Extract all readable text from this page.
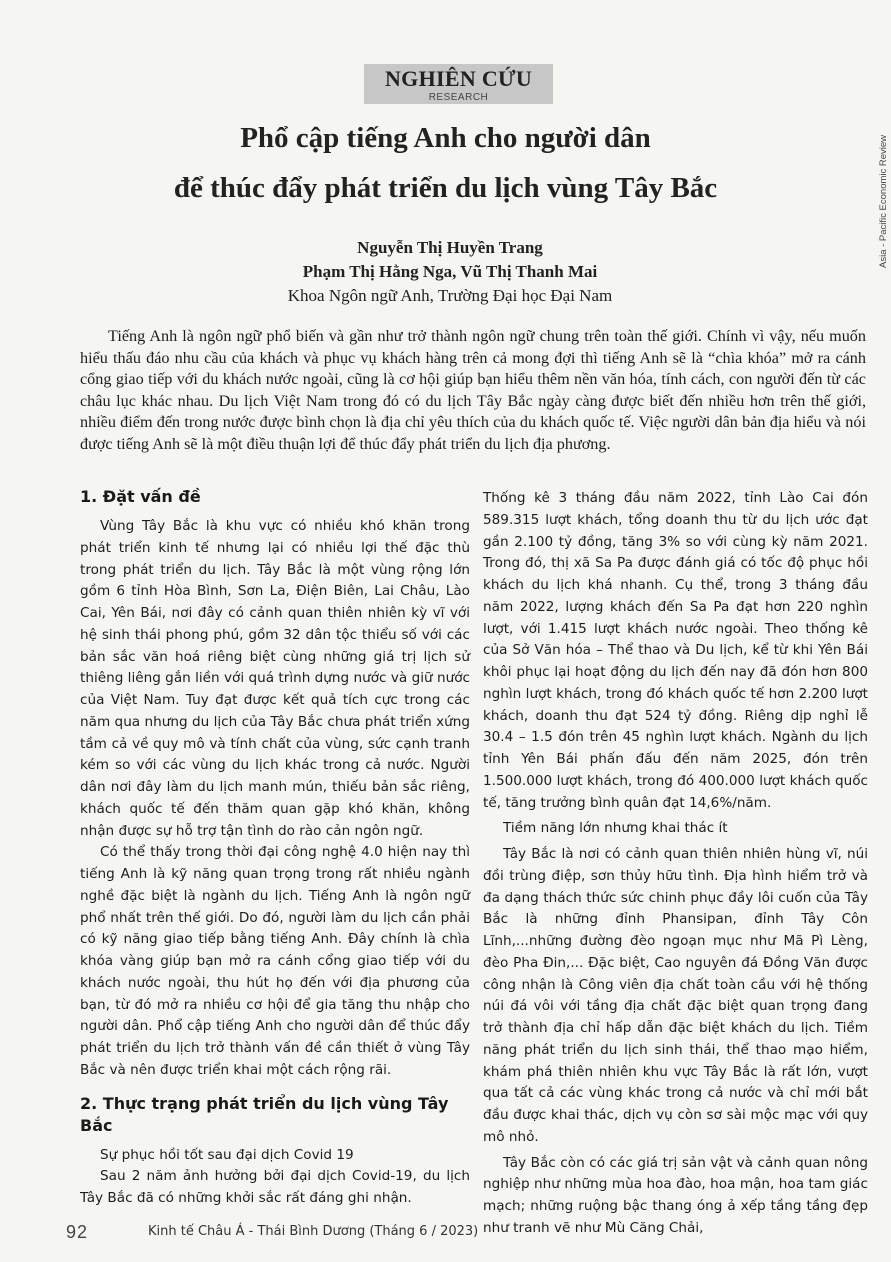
NGHIÊN CỨU
RESEARCH
Asia - Pacific Economic Review
Phổ cập tiếng Anh cho người dân
để thúc đẩy phát triển du lịch vùng Tây Bắc
Nguyễn Thị Huyền Trang
Phạm Thị Hằng Nga, Vũ Thị Thanh Mai
Khoa Ngôn ngữ Anh, Trường Đại học Đại Nam

Tiếng Anh là ngôn ngữ phổ biến và gần như trở thành ngôn ngữ chung trên toàn thế giới. Chính vì vậy, nếu muốn hiểu thấu đáo nhu cầu của khách và phục vụ khách hàng trên cả mong đợi thì tiếng Anh sẽ là “chìa khóa” mở ra cánh cổng giao tiếp với du khách nước ngoài, cũng là cơ hội giúp bạn hiểu thêm nền văn hóa, tính cách, con người đến từ các châu lục khác nhau. Du lịch Việt Nam trong đó có du lịch Tây Bắc ngày càng được biết đến nhiều hơn trên thế giới, nhiều điểm đến trong nước được bình chọn là địa chỉ yêu thích của du khách quốc tế. Việc người dân bản địa hiểu và nói được tiếng Anh sẽ là một điều thuận lợi để thúc đẩy phát triển du lịch địa phương.

1. Đặt vấn đề

Vùng Tây Bắc là khu vực có nhiều khó khăn trong phát triển kinh tế nhưng lại có nhiều lợi thế đặc thù trong phát triển du lịch. Tây Bắc là một vùng rộng lớn gồm 6 tỉnh Hòa Bình, Sơn La, Điện Biên, Lai Châu, Lào Cai, Yên Bái, nơi đây có cảnh quan thiên nhiên kỳ vĩ với hệ sinh thái phong phú, gồm 32 dân tộc thiểu số với các bản sắc văn hoá riêng biệt cùng những giá trị lịch sử thiêng liêng gắn liền với quá trình dựng nước và giữ nước của Việt Nam. Tuy đạt được kết quả tích cực trong các năm qua nhưng du lịch của Tây Bắc chưa phát triển xứng tầm cả về quy mô và tính chất của vùng, sức cạnh tranh kém so với các vùng du lịch khác trong cả nước. Người dân nơi đây làm du lịch manh mún, thiếu bản sắc riêng, khách quốc tế đến thăm quan gặp khó khăn, không nhận được sự hỗ trợ tận tình do rào cản ngôn ngữ.

Có thể thấy trong thời đại công nghệ 4.0 hiện nay thì tiếng Anh là kỹ năng quan trọng trong rất nhiều ngành nghề đặc biệt là ngành du lịch. Tiếng Anh là ngôn ngữ phổ nhất trên thế giới. Do đó, người làm du lịch cần phải có kỹ năng giao tiếp bằng tiếng Anh. Đây chính là chìa khóa vàng giúp bạn mở ra cánh cổng giao tiếp với du khách nước ngoài, thu hút họ đến với địa phương của bạn, từ đó mở ra nhiều cơ hội để gia tăng thu nhập cho người dân. Phổ cập tiếng Anh cho người dân để thúc đẩy phát triển du lịch trở thành vấn đề cần thiết ở vùng Tây Bắc và nên được triển khai một cách rộng rãi.

2. Thực trạng phát triển du lịch vùng Tây Bắc

Sự phục hồi tốt sau đại dịch Covid 19

Sau 2 năm ảnh hưởng bởi đại dịch Covid-19, du lịch Tây Bắc đã có những khởi sắc rất đáng ghi nhận.

Thống kê 3 tháng đầu năm 2022, tỉnh Lào Cai đón 589.315 lượt khách, tổng doanh thu từ du lịch ước đạt gần 2.100 tỷ đồng, tăng 3% so với cùng kỳ năm 2021. Trong đó, thị xã Sa Pa được đánh giá có tốc độ phục hồi khách du lịch khá nhanh. Cụ thể, trong 3 tháng đầu năm 2022, lượng khách đến Sa Pa đạt hơn 220 nghìn lượt, với 1.415 lượt khách nước ngoài. Theo thống kê của Sở Văn hóa – Thể thao và Du lịch, kể từ khi Yên Bái khôi phục lại hoạt động du lịch đến nay đã đón hơn 800 nghìn lượt khách, trong đó khách quốc tế hơn 2.200 lượt khách, doanh thu đạt 524 tỷ đồng. Riêng dịp nghỉ lễ 30.4 – 1.5 đón trên 45 nghìn lượt khách. Ngành du lịch tỉnh Yên Bái phấn đấu đến năm 2025, đón trên 1.500.000 lượt khách, trong đó 400.000 lượt khách quốc tế, tăng trưởng bình quân đạt 14,6%/năm.

Tiềm năng lớn nhưng khai thác ít

Tây Bắc là nơi có cảnh quan thiên nhiên hùng vĩ, núi đồi trùng điệp, sơn thủy hữu tình. Địa hình hiểm trở và đa dạng thách thức sức chinh phục đầy lôi cuốn của Tây Bắc là những đỉnh Phansipan, đỉnh Tây Côn Lĩnh,...những đường đèo ngoạn mục như Mã Pì Lèng, đèo Pha Đin,... Đặc biệt, Cao nguyên đá Đồng Văn được công nhận là Công viên địa chất toàn cầu với hệ thống núi đá vôi với tầng địa chất đặc biệt quan trọng đang trở thành địa chỉ hấp dẫn đặc biệt khách du lịch. Tiềm năng phát triển du lịch sinh thái, thể thao mạo hiểm, khám phá thiên nhiên khu vực Tây Bắc là rất lớn, vượt qua tất cả các vùng khác trong cả nước và chỉ mới bắt đầu được khai thác, dịch vụ còn sơ sài mộc mạc với quy mô nhỏ.

Tây Bắc còn có các giá trị sản vật và cảnh quan nông nghiệp như những mùa hoa đào, hoa mận, hoa tam giác mạch; những ruộng bậc thang óng ả xếp tầng tầng đẹp như tranh vẽ như Mù Căng Chải,

92	Kinh tế Châu Á - Thái Bình Dương (Tháng 6 / 2023)
